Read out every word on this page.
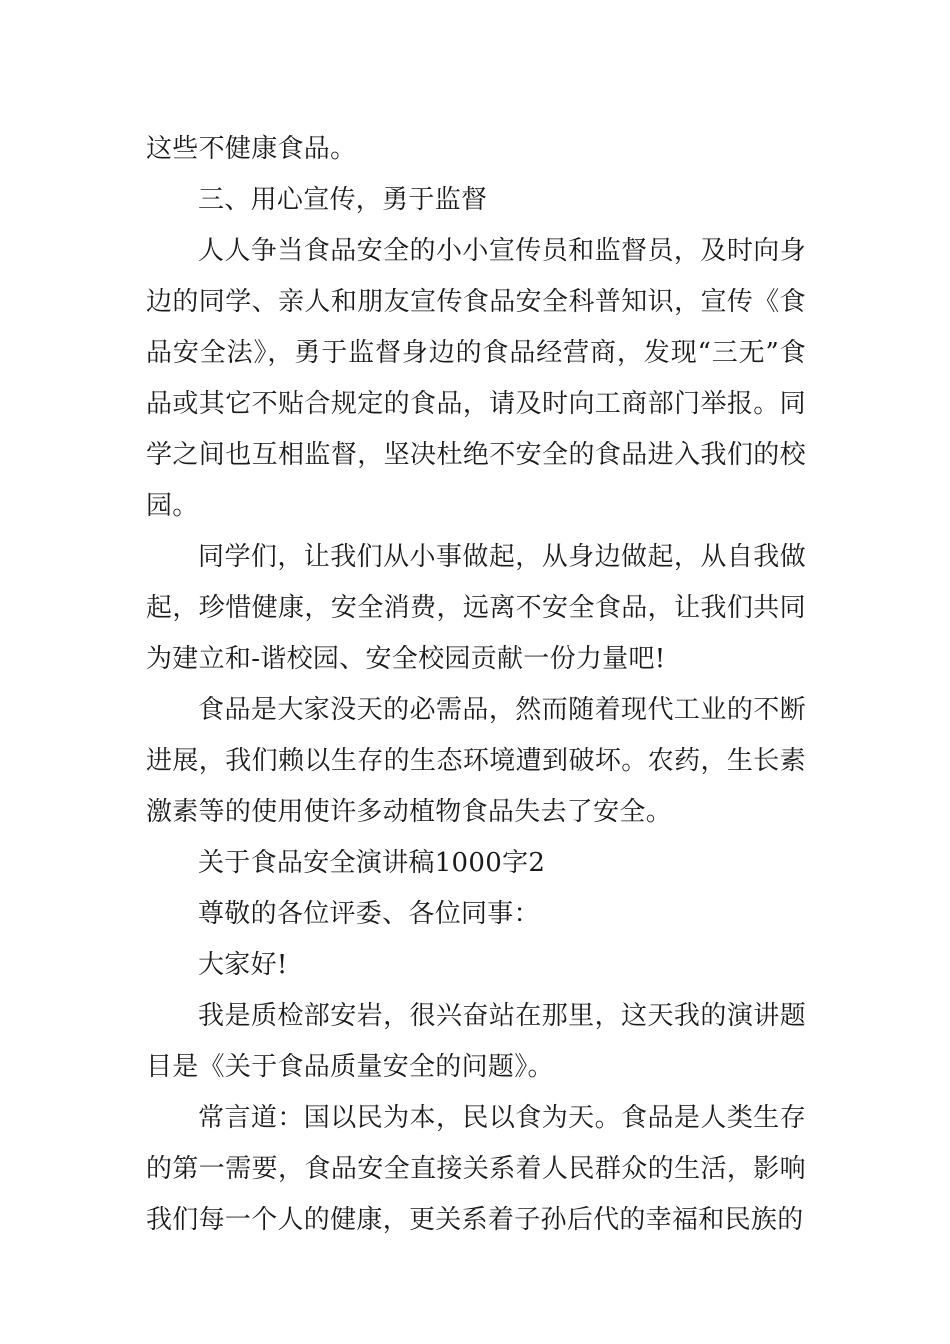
这些不健康食品。

三、用心宣传，勇于监督

人人争当食品安全的小小宣传员和监督员，及时向身边的同学、亲人和朋友宣传食品安全科普知识，宣传《食品安全法》，勇于监督身边的食品经营商，发现“三无”食品或其它不贴合规定的食品，请及时向工商部门举报。同学之间也互相监督，坚决杜绝不安全的食品进入我们的校园。

同学们，让我们从小事做起，从身边做起，从自我做起，珍惜健康，安全消费，远离不安全食品，让我们共同为建立和-谐校园、安全校园贡献一份力量吧!

食品是大家没天的必需品，然而随着现代工业的不断进展，我们赖以生存的生态环境遭到破坏。农药，生长素激素等的使用使许多动植物食品失去了安全。

关于食品安全演讲稿1000字2

尊敬的各位评委、各位同事：

大家好!

我是质检部安岩，很兴奋站在那里，这天我的演讲题目是《关于食品质量安全的问题》。

常言道：国以民为本，民以食为天。食品是人类生存的第一需要，食品安全直接关系着人民群众的生活，影响我们每一个人的健康，更关系着子孙后代的幸福和民族的
